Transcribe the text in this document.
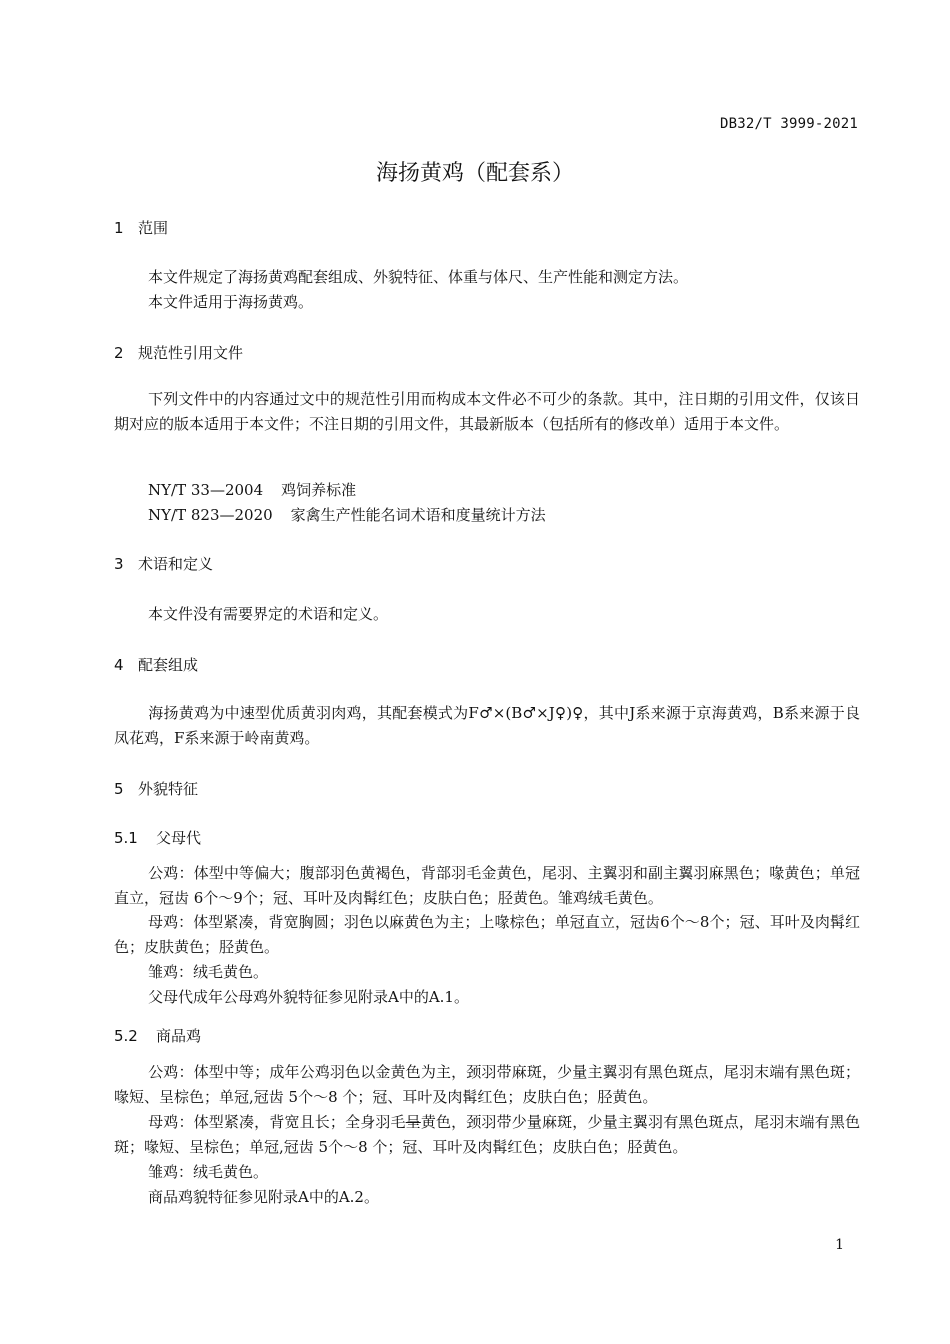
DB32/T 3999-2021
海扬黄鸡（配套系）
1 范围
本文件规定了海扬黄鸡配套组成、外貌特征、体重与体尺、生产性能和测定方法。
本文件适用于海扬黄鸡。
2 规范性引用文件
下列文件中的内容通过文中的规范性引用而构成本文件必不可少的条款。其中，注日期的引用文件，仅该日期对应的版本适用于本文件；不注日期的引用文件，其最新版本（包括所有的修改单）适用于本文件。
NY/T 33—2004 鸡饲养标准
NY/T 823—2020 家禽生产性能名词术语和度量统计方法
3 术语和定义
本文件没有需要界定的术语和定义。
4 配套组成
海扬黄鸡为中速型优质黄羽肉鸡，其配套模式为F♂×(B♂×J♀)♀，其中J系来源于京海黄鸡，B系来源于良凤花鸡，F系来源于岭南黄鸡。
5 外貌特征
5.1 父母代
公鸡：体型中等偏大；腹部羽色黄褐色，背部羽毛金黄色，尾羽、主翼羽和副主翼羽麻黑色；喙黄色；单冠直立，冠齿 6个～9个；冠、耳叶及肉髯红色；皮肤白色；胫黄色。雏鸡绒毛黄色。
母鸡：体型紧凑，背宽胸圆；羽色以麻黄色为主；上喙棕色；单冠直立，冠齿6个～8个；冠、耳叶及肉髯红色；皮肤黄色；胫黄色。
雏鸡：绒毛黄色。
父母代成年公母鸡外貌特征参见附录A中的A.1。
5.2 商品鸡
公鸡：体型中等；成年公鸡羽色以金黄色为主，颈羽带麻斑，少量主翼羽有黑色斑点，尾羽末端有黑色斑；喙短、呈棕色；单冠,冠齿 5个～8 个；冠、耳叶及肉髯红色；皮肤白色；胫黄色。
母鸡：体型紧凑，背宽且长；全身羽毛呈黄色，颈羽带少量麻斑，少量主翼羽有黑色斑点，尾羽末端有黑色斑；喙短、呈棕色；单冠,冠齿 5个～8 个；冠、耳叶及肉髯红色；皮肤白色；胫黄色。
雏鸡：绒毛黄色。
商品鸡貌特征参见附录A中的A.2。
1
